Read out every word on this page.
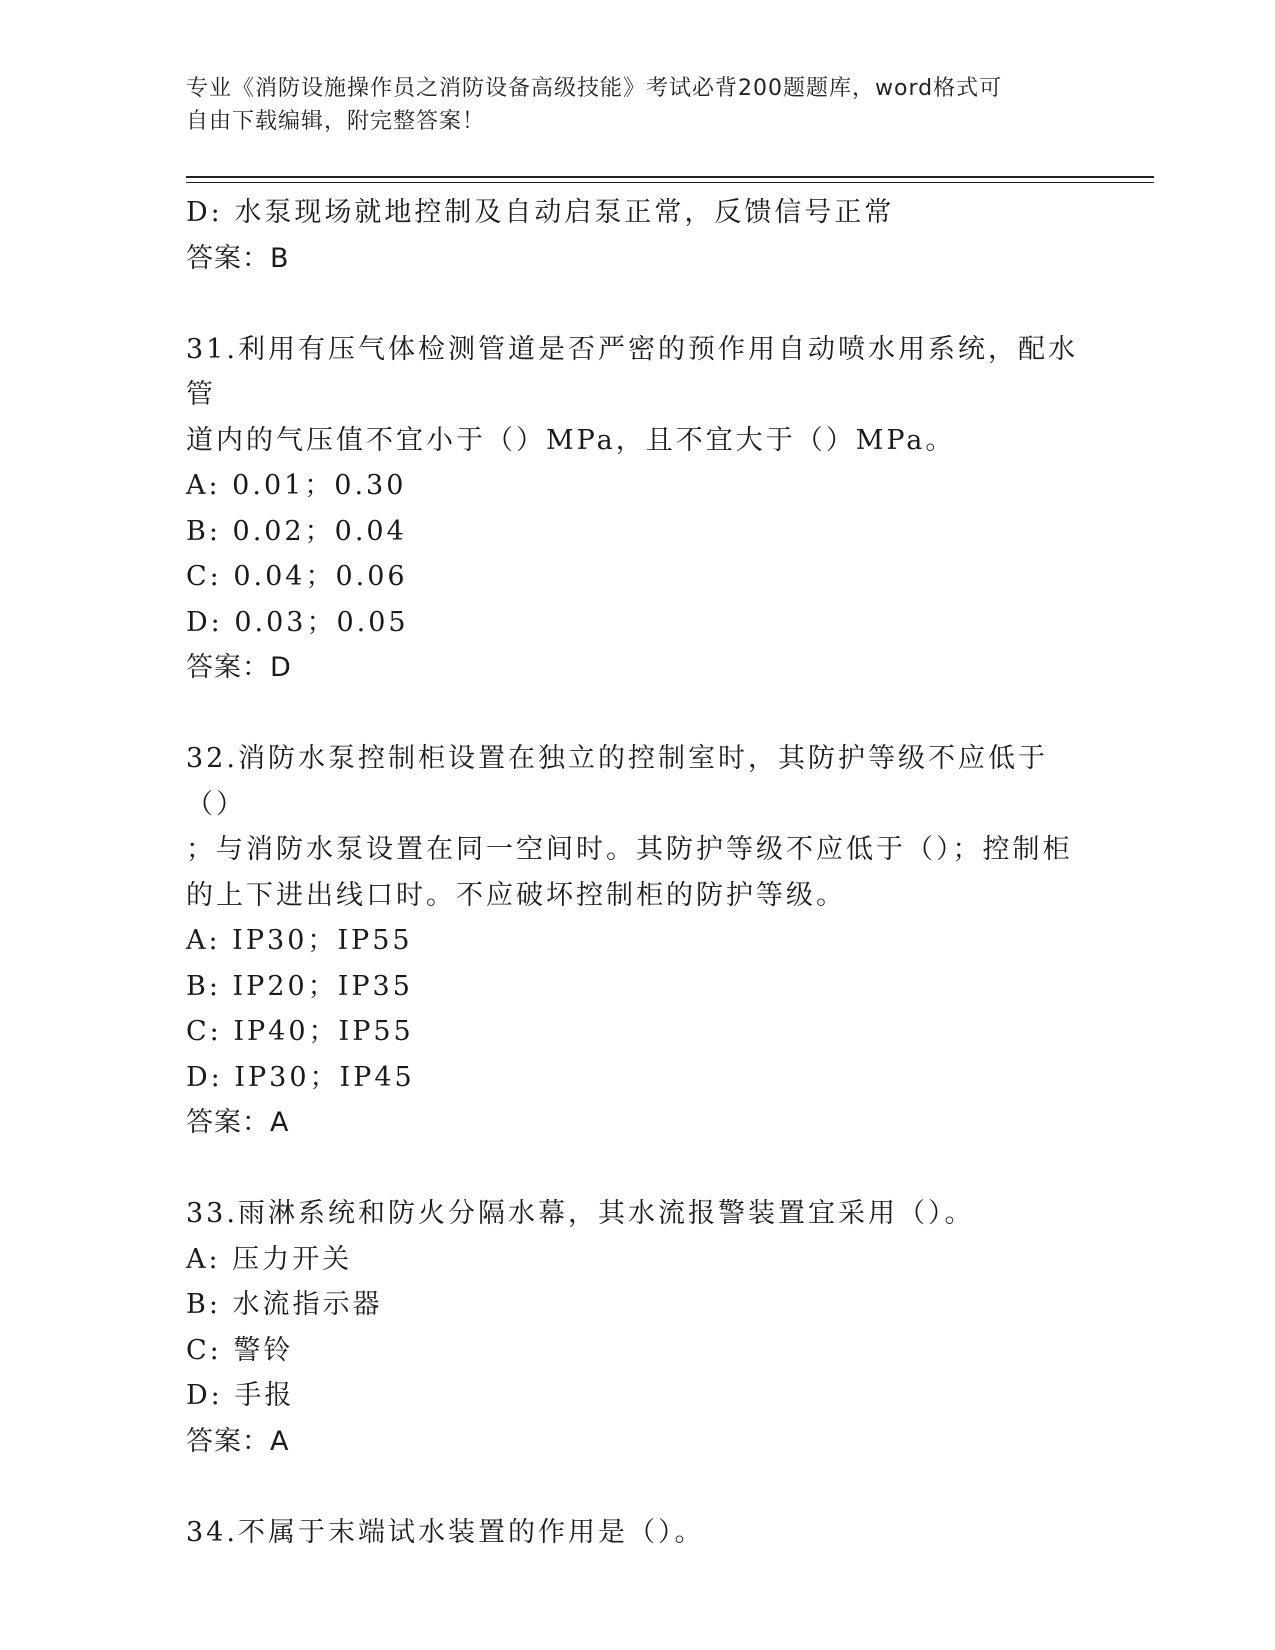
专业《消防设施操作员之消防设备高级技能》考试必背200题题库，word格式可
自由下载编辑，附完整答案！
D: 水泵现场就地控制及自动启泵正常，反馈信号正常
答案：B
31.利用有压气体检测管道是否严密的预作用自动喷水用系统，配水管
道内的气压值不宜小于（）MPa，且不宜大于（）MPa。
A: 0.01；0.30
B: 0.02；0.04
C: 0.04；0.06
D: 0.03；0.05
答案：D
32.消防水泵控制柜设置在独立的控制室时，其防护等级不应低于（）
；与消防水泵设置在同一空间时。其防护等级不应低于（）；控制柜
的上下进出线口时。不应破坏控制柜的防护等级。
A: IP30；IP55
B: IP20；IP35
C: IP40；IP55
D: IP30；IP45
答案：A
33.雨淋系统和防火分隔水幕，其水流报警装置宜采用（）。
A: 压力开关
B: 水流指示器
C: 警铃
D: 手报
答案：A
34.不属于末端试水装置的作用是（）。
